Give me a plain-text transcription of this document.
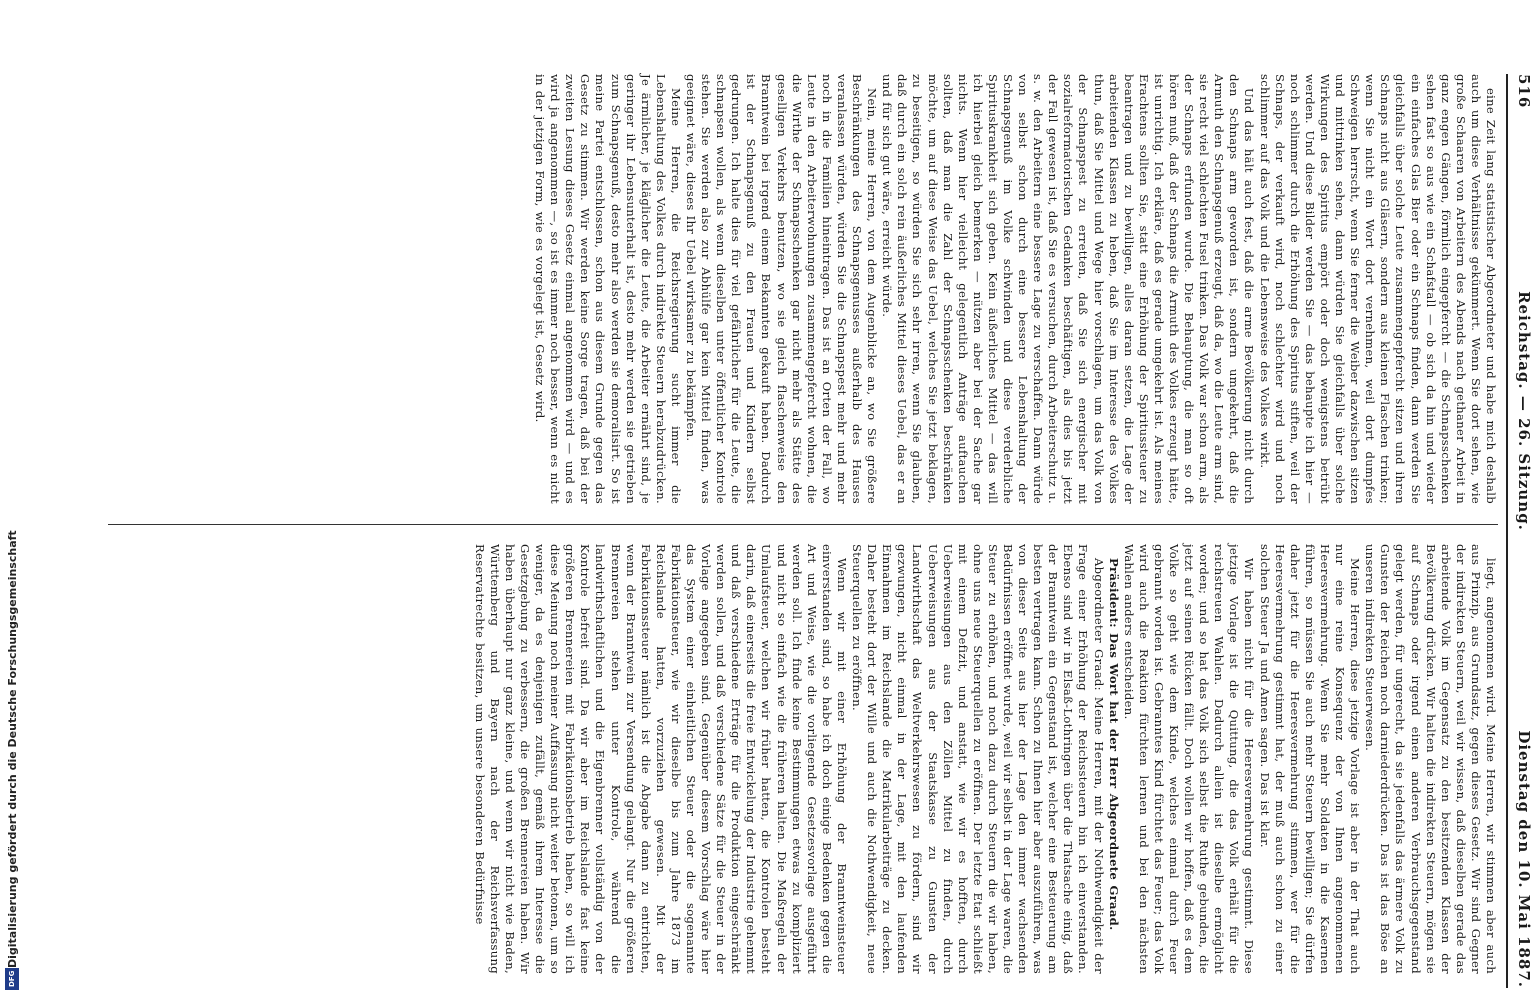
516
Reichstag. — 26. Sitzung.
Dienstag den 10. Mai 1887.

eine Zeit lang statistischer Abgeordneter und habe mich deshalb auch um diese Verhältnisse gekümmert. Wenn Sie dort sehen, wie große Schaaren von Arbeitern des Abends nach gethaner Arbeit in ganz engen Gängen, förmlich eingepfercht — die Schnapsschenken sehen fast so aus wie ein Schafstall — ob sich da hin und wieder ein einfaches Glas Bier oder ein Schnaps finden, dann werden Sie gleichfalls über solche Leute zusammengepfercht sitzen und ihren Schnaps nicht aus Gläsern, sondern aus kleinen Flaschen trinken; wenn Sie nicht ein Wort dort vernehmen, weil dort dumpfes Schweigen herrscht, wenn Sie ferner die Weiber dazwischen sitzen und mittrinken sehen, dann würden Sie gleichfalls über solche Wirkungen des Spiritus empört oder doch wenigstens betrübt werden. Und diese Bilder werden Sie — das behaupte ich hier — noch schlimmer durch die Erhöhung des Spiritus stiften, weil der Schnaps, der verkauft wird, noch schlechter wird und noch schlimmer auf das Volk und die Lebensweise des Volkes wirkt.

Und das hält auch fest, daß die arme Bevölkerung nicht durch den Schnaps arm geworden ist, sondern umgekehrt, daß die Armuth den Schnapsgenuß erzeugt, daß da, wo die Leute arm sind, sie recht viel schlechten Fusel trinken. Das Volk war schon arm, als der Schnaps erfunden wurde. Die Behauptung, die man so oft hören muß, daß der Schnaps die Armuth des Volkes erzeugt hätte, ist unrichtig. Ich erkläre, daß es gerade umgekehrt ist. Als meines Erachtens sollten Sie, statt eine Erhöhung der Spiritussteuer zu beantragen und zu bewilligen, alles daran setzen, die Lage der arbeitenden Klassen zu heben, daß Sie im Interesse des Volkes thun, daß Sie Mittel und Wege hier vorschlagen, um das Volk von der Schnapspest zu erretten, daß Sie sich energischer mit sozialreformatorischen Gedanken beschäftigen, als dies bis jetzt der Fall gewesen ist, daß Sie es versuchen, durch Arbeiterschutz u. s. w. den Arbeitern eine bessere Lage zu verschaffen. Dann würde von selbst schon durch eine bessere Lebenshaltung der Schnapsgenuß im Volke schwinden und diese verderbliche Spirituskrankheit sich geben. Kein äußerliches Mittel — das will ich hierbei gleich bemerken — nützen aber bei der Sache gar nichts. Wenn hier vielleicht gelegentlich Anträge auftauchen sollten, daß man die Zahl der Schnapsschenken beschränken möchte, um auf diese Weise das Uebel, welches Sie jetzt beklagen, zu beseitigen, so würden Sie sich sehr irren, wenn Sie glauben, daß durch ein solch rein äußerliches Mittel dieses Uebel, das er an und für sich gut wäre, erreicht würde.

Nein, meine Herren, von dem Augenblicke an, wo Sie größere Beschränkungen des Schnapsgenusses außerhalb des Hauses veranlassen würden, würden Sie die Schnapspest mehr und mehr noch in die Familien hineintragen. Das ist an Orten der Fall, wo Leute in den Arbeiterwohnungen zusammengepfercht wohnen, die die Wirthe der Schnapsschenken gar nicht mehr als Stätte des geselligen Verkehrs benutzen, wo sie gleich flaschenweise den Branntwein bei irgend einem Bekannten gekauft haben. Dadurch ist der Schnapsgenuß zu den Frauen und Kindern selbst gedrungen. Ich halte dies für viel gefährlicher für die Leute, die schnapsen wollen, als wenn dieselben unter öffentlicher Kontrole stehen. Sie werden also zur Abhülfe gar kein Mittel finden, was geeignet wäre, dieses Ihr Uebel wirksamer zu bekämpfen.

Meine Herren, die Reichsregierung sucht immer die Lebenshaltung des Volkes durch indirekte Steuern herabzudrücken. Je ärmlicher, je kläglicher die Leute, die Arbeiter ernährt sind, je geringer ihr Lebensunterhalt ist, desto mehr werden sie getrieben zum Schnapsgenuß, desto mehr also werden sie demoralisirt. So ist meine Partei entschlossen, schon aus diesem Grunde gegen das Gesetz zu stimmen. Wir werden keine Sorge tragen, daß bei der zweiten Lesung dieses Gesetz einmal angenommen wird — und es wird ja angenommen —, so ist es immer noch besser, wenn es nicht in der jetzigen Form, wie es vorgelegt ist, Gesetz wird.

liegt, angenommen wird. Meine Herren, wir stimmen aber auch aus Prinzip, aus Grundsatz, gegen dieses Gesetz. Wir sind Gegner der indirekten Steuern, weil wir wissen, daß dieselben gerade das arbeitende Volk im Gegensatz zu den besitzenden Klassen der Bevölkerung drücken. Wir halten die indirekten Steuern, mögen sie auf Schnaps oder irgend einen anderen Verbrauchsgegenstand gelegt werden, für ungerecht, da sie jedenfalls das ärmere Volk zu Gunsten der Reichen noch darniederdrücken. Das ist das Böse an unseren indirekten Steuerwesen.

Meine Herren, diese jetzige Vorlage ist aber in der That auch nur eine reine Konsequenz der von Ihnen angenommenen Heeresvermehrung. Wenn Sie mehr Soldaten in die Kasernen führen, so müssen Sie auch mehr Steuern bewilligen; Sie dürfen daher jetzt für die Heeresvermehrung stimmen, wer für die Heeresvermehrung gestimmt hat, der muß auch schon zu einer solchen Steuer Ja und Amen sagen. Das ist klar.

Wir haben nicht für die Heeresvermehrung gestimmt. Diese jetzige Vorlage ist die Quittung, die das Volk erhält für die reichstreuen Wahlen. Dadurch allein ist dieselbe ermöglicht worden; und so hat das Volk sich selbst die Ruthe gebunden, die jetzt auf seinen Rücken fällt. Doch wollen wir hoffen, daß es dem Volke so geht wie dem Kinde, welches einmal durch Feuer gebrannt worden ist. Gebranntes Kind fürchtet das Feuer; das Volk wird auch die Reaktion fürchten lernen und bei den nächsten Wahlen anders entscheiden.

Präsident: Das Wort hat der Herr Abgeordnete Graad.

Abgeordneter Graad: Meine Herren, mit der Nothwendigkeit der Frage einer Erhöhung der Reichssteuern bin ich einverstanden. Ebenso sind wir in Elsaß-Lothringen über die Thatsache einig, daß der Branntwein ein Gegenstand ist, welcher eine Besteuerung am besten vertragen kann. Schon zu Ihnen hier aber auszuführen, was von dieser Seite aus hier der Lage den immer wachsenden Bedürfnissen eröffnet wurde, weil wir selbst in der Lage waren, die Steuer zu erhöhen, und noch dazu durch Steuern die wir haben, ohne uns neue Steuerquellen zu eröffnen. Der letzte Etat schließt mit einem Defizit, und anstatt, wie wir es hofften, durch Ueberweisungen aus den Zöllen Mittel zu finden, durch Ueberweisungen aus der Staatskasse zu Gunsten der Landwirthschaft das Weltverkehrswesen zu fördern, sind wir gezwungen, nicht einmal in der Lage, mit den laufenden Einnahmen im Reichslande die Matrikularbeiträge zu decken. Daher besteht dort der Wille und auch die Nothwendigkeit, neue Steuerquellen zu eröffnen.

Wenn wir mit einer Erhöhung der Branntweinsteuer einverstanden sind, so habe ich doch einige Bedenken gegen die Art und Weise, wie die vorliegende Gesetzesvorlage ausgeführt werden soll. Ich finde keine Bestimmungen etwas zu kompliziert und nicht so einfach wie die früheren halten. Die Maßregeln der Umlaufsteuer, welchen wir früher hatten, die Kontrolen besteht darin, daß einerseits die freie Entwickelung der Industrie gehemmt und daß verschiedene Erträge für die Produktion eingeschränkt werden sollen, und daß verschiedene Sätze für die Steuer in der Vorlage angegeben sind. Gegenüber diesem Vorschlag wäre hier das System einer einheitlichen Steuer oder die sogenannte Fabrikationsteuer, wie wir dieselbe bis zum Jahre 1873 im Reichslande hatten, vorzuziehen gewesen. Mit der Fabrikationssteuer nämlich ist die Abgabe dann zu entrichten, wenn der Branntwein zur Versendung gelangt. Nur die größeren Brennereien stehen unter Kontrole, während die landwirthschaftlichen und die Eigenbrenner vollständig von der Kontrole befreit sind. Da wir aber im Reichslande fast keine größeren Brennereien mit Fabrikationsbetrieb haben, so will ich diese Meinung noch meiner Auffassung nicht weiter betonen, um so weniger, da es denjenigen zufällt, gemäß ihrem Interesse die Gesetzgebung zu verbessern, die großen Brennereien haben. Wir haben überhaupt nur ganz kleine, und wenn wir nicht wie Baden, Württemberg und Bayern nach der Reichsverfassung Reservatrechte besitzen, um unsere besonderen Bedürfnisse

Digitalisierung gefördert durch die Deutsche Forschungsgemeinschaft
DFG
